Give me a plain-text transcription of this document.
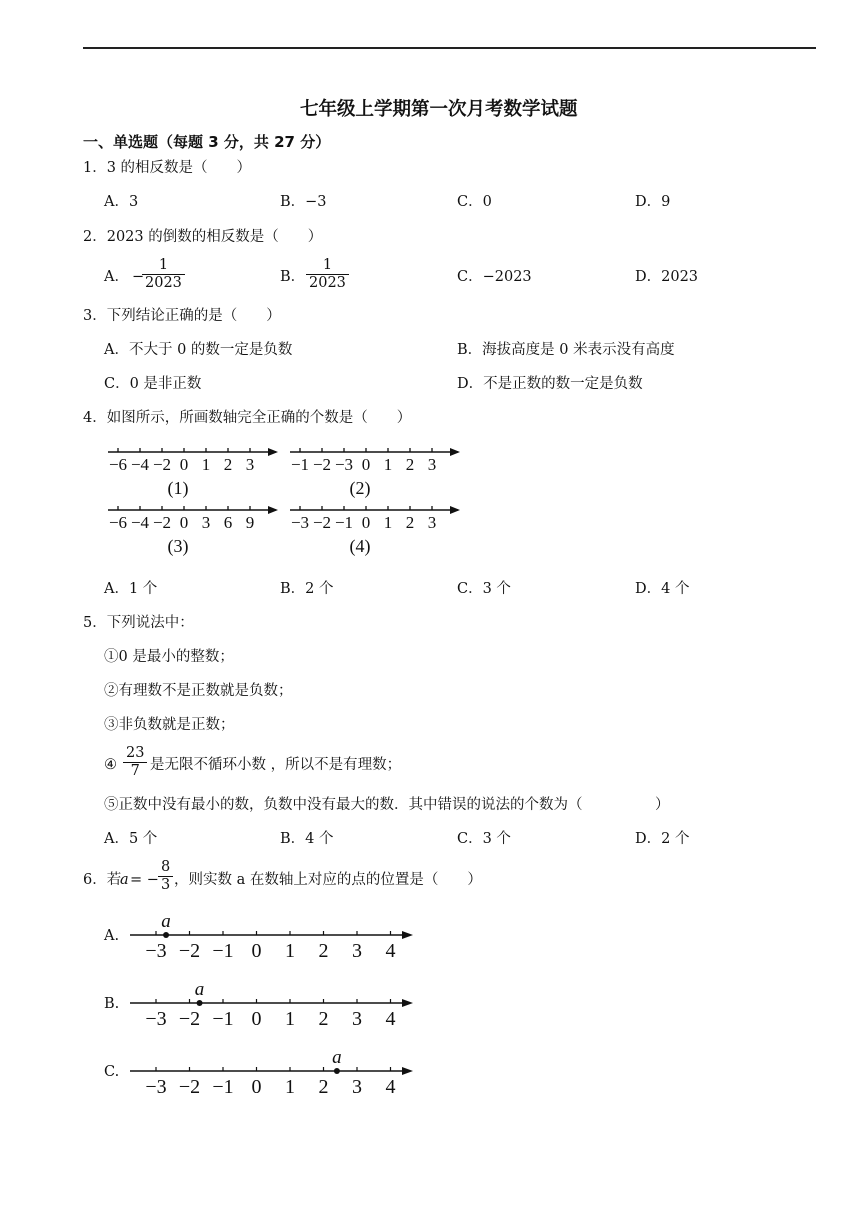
七年级上学期第一次月考数学试题
一、单选题（每题 3 分，共 27 分）
1．3 的相反数是（　　）
A．3	B．−3	C．0	D．9
2．2023 的倒数的相反数是（　　）
A． −
$\frac{1}{2023}$	B． $\frac{1}{2023}$	C．−2023	D．2023
3．下列结论正确的是（　　）
A．不大于 0 的数一定是负数	B．海拔高度是 0 米表示没有高度
C．0 是非正数	D．不是正数的数一定是负数
4．如图所示，所画数轴完全正确的个数是（　　）
−6 −4 −2 0 1 2 3
(1)
−1 −2 −3 0 1 2 3
(2)
−6 −4 −2 0 3 6 9
(3)
−3 −2 −1 0 1 2 3
(4)
A．1 个	B．2 个	C．3 个	D．4 个
5．下列说法中：
①0 是最小的整数；
②有理数不是正数就是负数；
③非负数就是正数；
④ $\frac{23}{7}$ 是无限不循环小数 ，所以不是有理数；
⑤正数中没有最小的数，负数中没有最大的数．其中错误的说法的个数为（　　　　　）
A．5 个	B．4 个	C．3 个	D．2 个
6．若
a = − $\frac{8}{3}$ ，则实数 a 在数轴上对应的点的位置是（　　）
A.
B.
C.
−3 −2 −1 0 1 2 3 4
a
−3 −2 −1 0 1 2 3 4
a
−3 −2 −1 0 1 2 3 4
a
